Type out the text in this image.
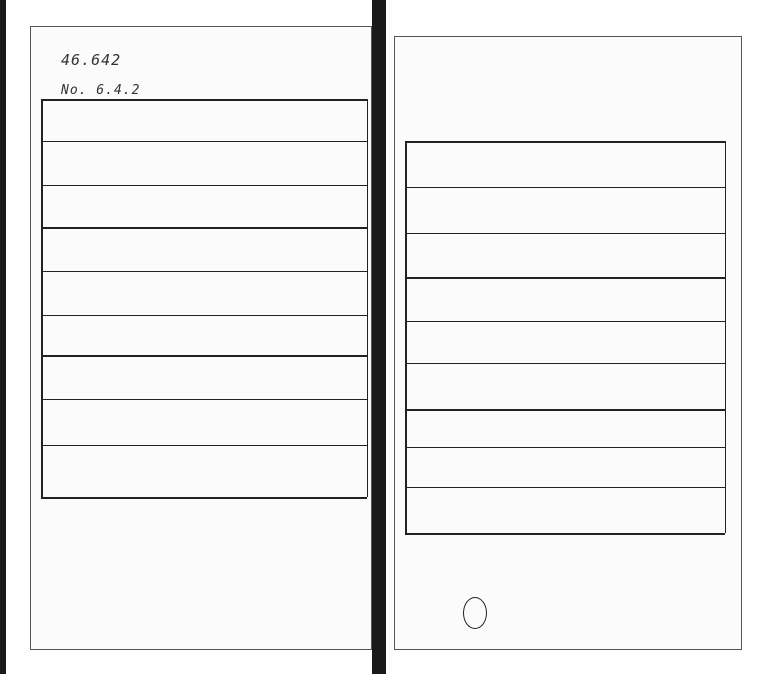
46.642
No. 6.4.2
